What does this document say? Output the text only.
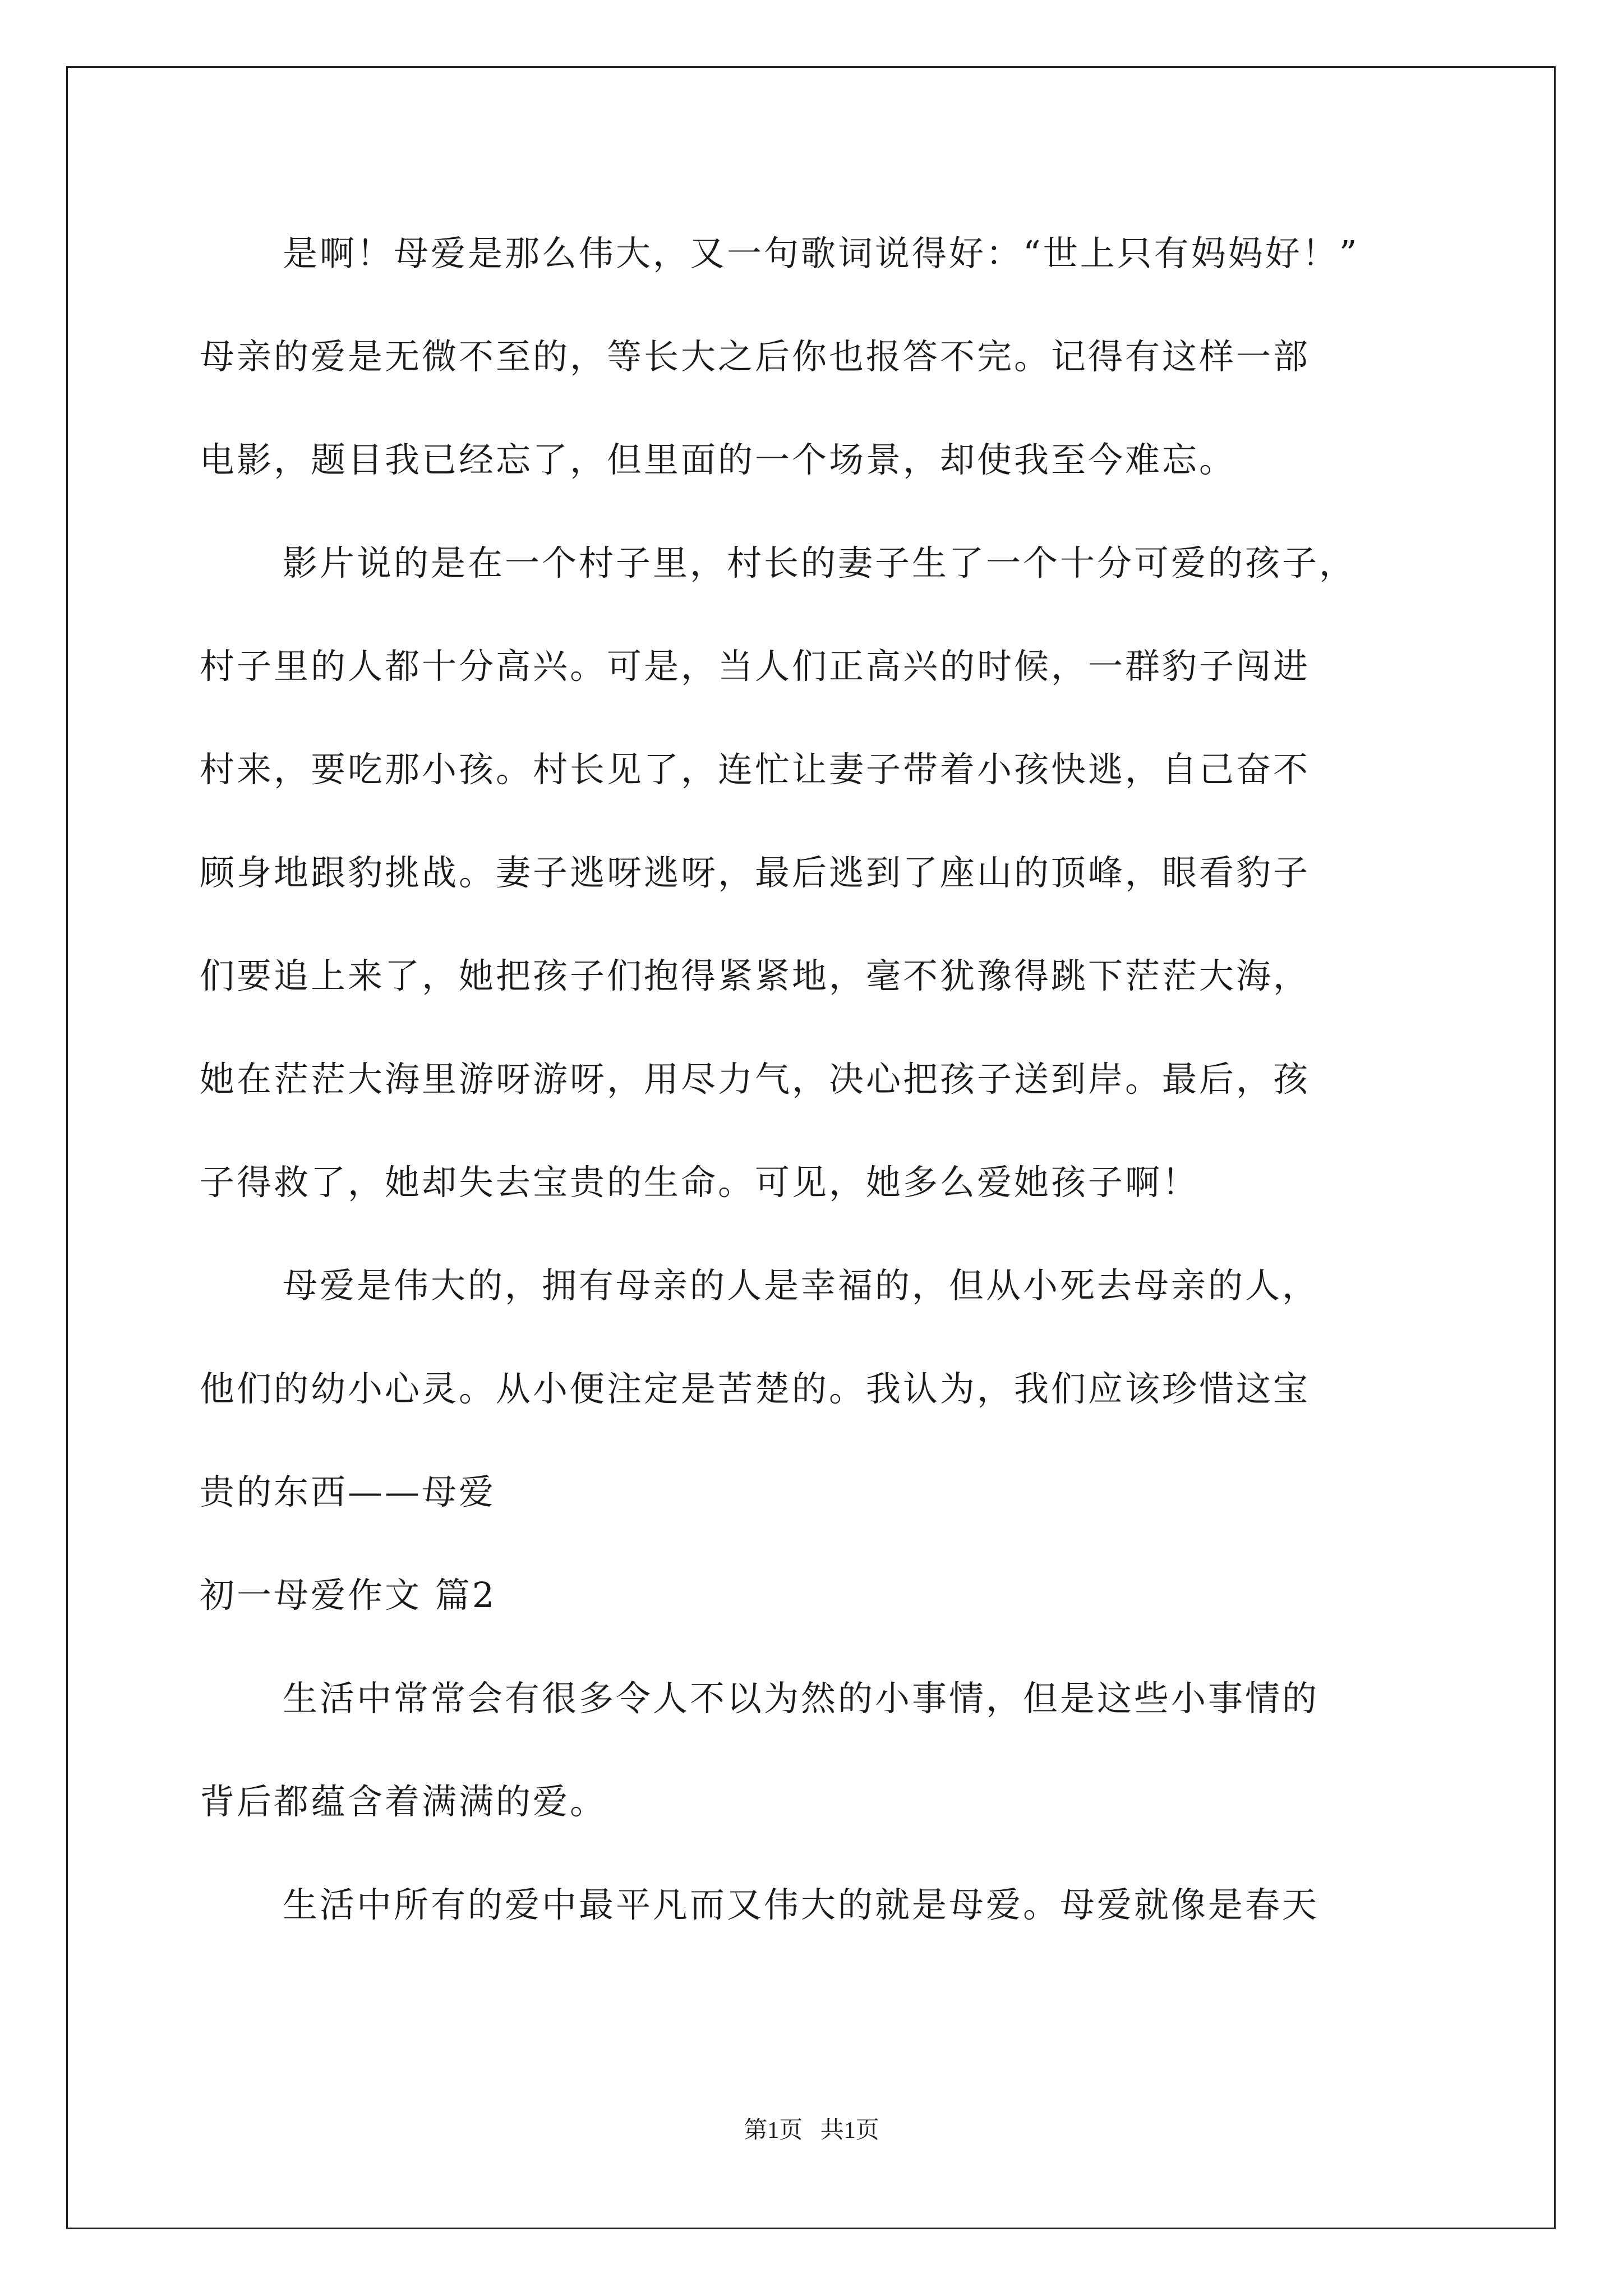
是啊！母爱是那么伟大，又一句歌词说得好：“世上只有妈妈好！”
母亲的爱是无微不至的，等长大之后你也报答不完。记得有这样一部
电影，题目我已经忘了，但里面的一个场景，却使我至今难忘。
影片说的是在一个村子里，村长的妻子生了一个十分可爱的孩子，
村子里的人都十分高兴。可是，当人们正高兴的时候，一群豹子闯进
村来，要吃那小孩。村长见了，连忙让妻子带着小孩快逃，自己奋不
顾身地跟豹挑战。妻子逃呀逃呀，最后逃到了座山的顶峰，眼看豹子
们要追上来了，她把孩子们抱得紧紧地，毫不犹豫得跳下茫茫大海，
她在茫茫大海里游呀游呀，用尽力气，决心把孩子送到岸。最后，孩
子得救了，她却失去宝贵的生命。可见，她多么爱她孩子啊！
母爱是伟大的，拥有母亲的人是幸福的，但从小死去母亲的人，
他们的幼小心灵。从小便注定是苦楚的。我认为，我们应该珍惜这宝
贵的东西——母爱
初一母爱作文 篇2
生活中常常会有很多令人不以为然的小事情，但是这些小事情的
背后都蕴含着满满的爱。
生活中所有的爱中最平凡而又伟大的就是母爱。母爱就像是春天
第1页   共1页
